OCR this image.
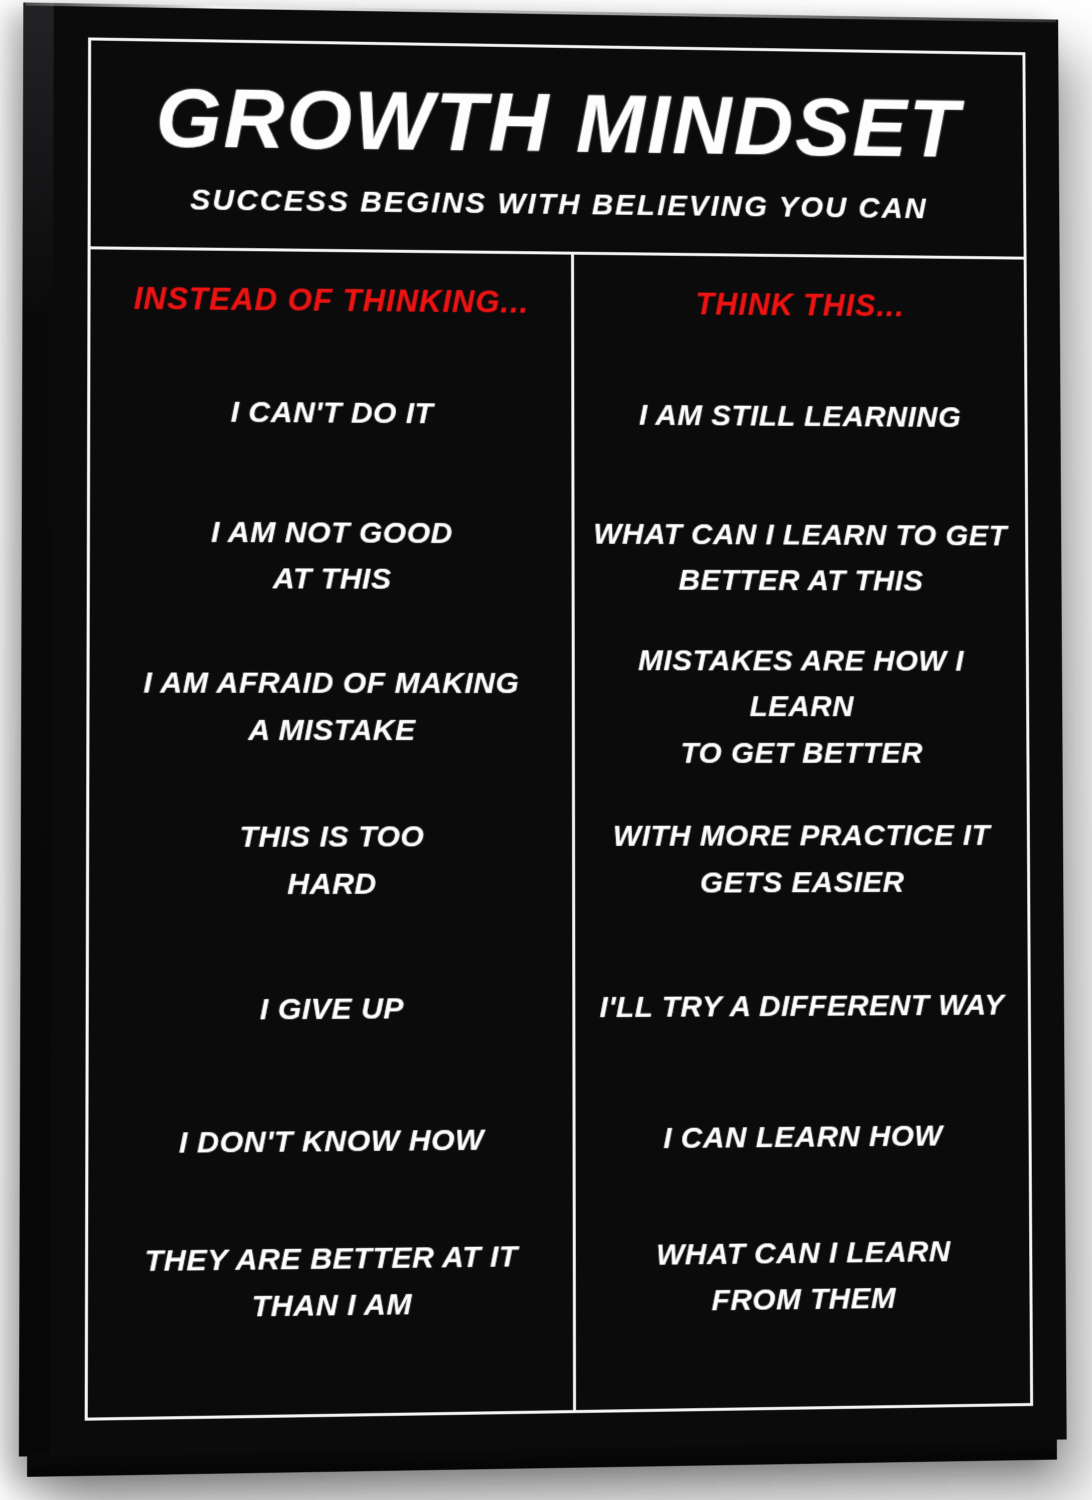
GROWTH MINDSET
SUCCESS BEGINS WITH BELIEVING YOU CAN
INSTEAD OF THINKING...
I CAN'T DO IT
I AM NOT GOOD
AT THIS
I AM AFRAID OF MAKING
A MISTAKE
THIS IS TOO
HARD
I GIVE UP
I DON'T KNOW HOW
THEY ARE BETTER AT IT
THAN I AM
THINK THIS...
I AM STILL LEARNING
WHAT CAN I LEARN TO GET
BETTER AT THIS
MISTAKES ARE HOW I LEARN
TO GET BETTER
WITH MORE PRACTICE IT
GETS EASIER
I'LL TRY A DIFFERENT WAY
I CAN LEARN HOW
WHAT CAN I LEARN
FROM THEM
